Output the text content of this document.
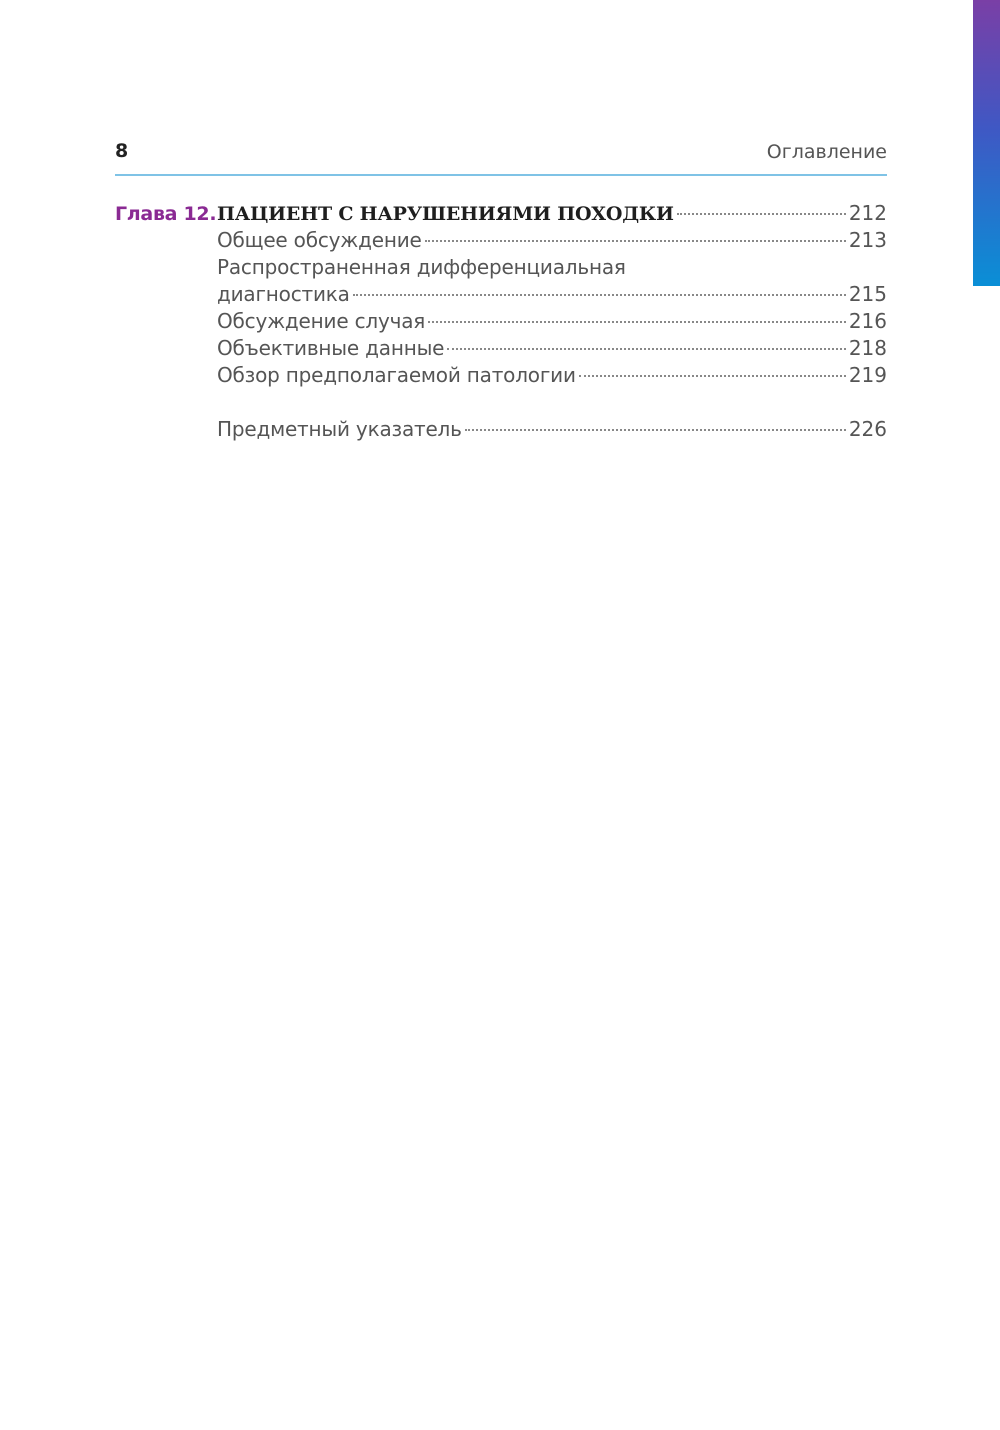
8	Оглавление
Глава 12. ПАЦИЕНТ С НАРУШЕНИЯМИ ПОХОДКИ	212
Общее обсуждение	213
Распространенная дифференциальная
диагностика	215
Обсуждение случая	216
Объективные данные	218
Обзор предполагаемой патологии	219
Предметный указатель	226
